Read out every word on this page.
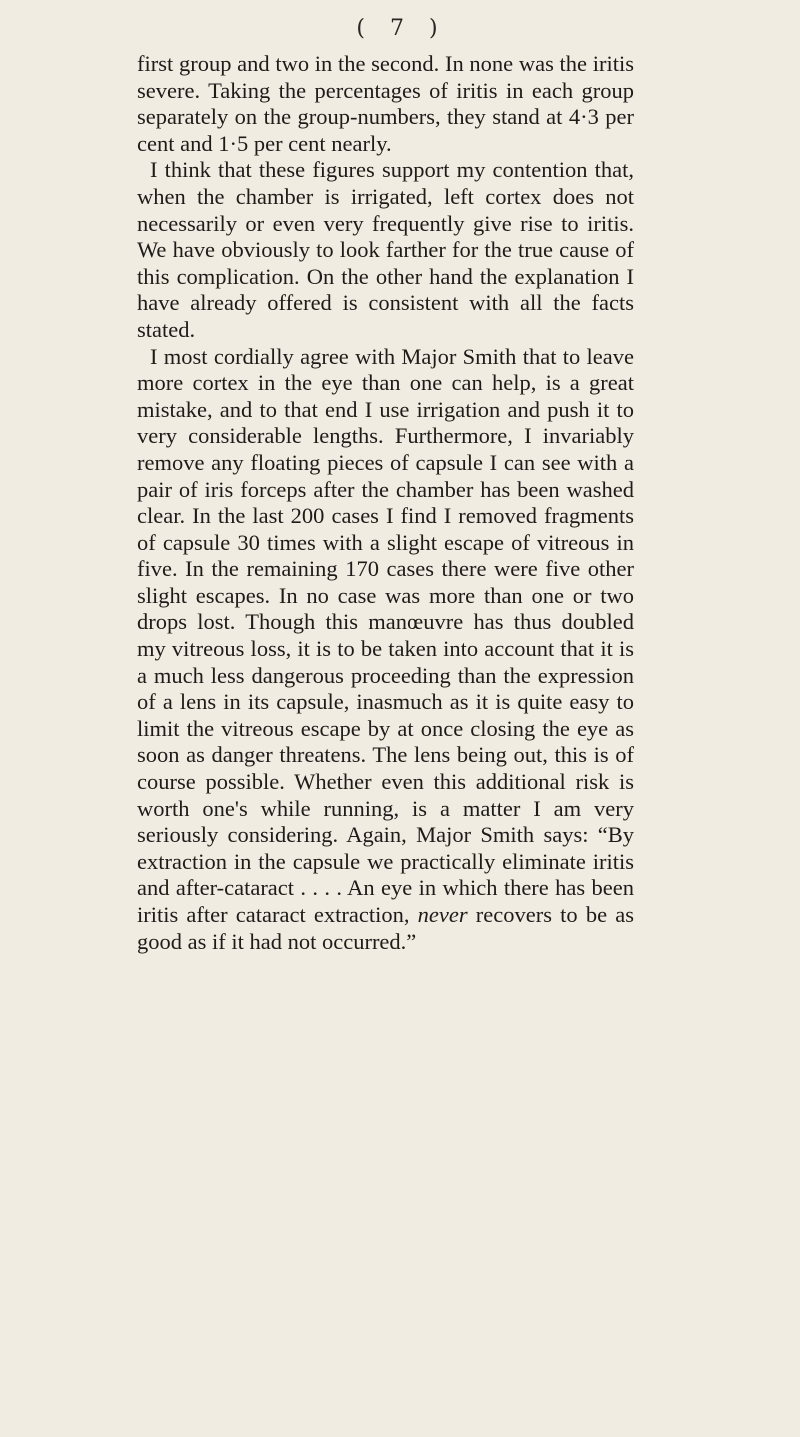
( 7 )

first group and two in the second. In none was the iritis severe. Taking the percentages of iritis in each group separately on the group-numbers, they stand at 4·3 per cent and 1·5 per cent nearly.

I think that these figures support my contention that, when the chamber is irrigated, left cortex does not necessarily or even very frequently give rise to iritis. We have obviously to look farther for the true cause of this complication. On the other hand the explanation I have already offered is consistent with all the facts stated.

I most cordially agree with Major Smith that to leave more cortex in the eye than one can help, is a great mistake, and to that end I use irrigation and push it to very considerable lengths. Furthermore, I invariably remove any floating pieces of capsule I can see with a pair of iris forceps after the chamber has been washed clear. In the last 200 cases I find I removed fragments of capsule 30 times with a slight escape of vitreous in five. In the remaining 170 cases there were five other slight escapes. In no case was more than one or two drops lost. Though this manœuvre has thus doubled my vitreous loss, it is to be taken into account that it is a much less dangerous proceeding than the expression of a lens in its capsule, inasmuch as it is quite easy to limit the vitreous escape by at once closing the eye as soon as danger threatens. The lens being out, this is of course possible. Whether even this additional risk is worth one's while running, is a matter I am very seriously considering. Again, Major Smith says: “By extraction in the capsule we practically eliminate iritis and after-cataract . . . . An eye in which there has been iritis after cataract extraction, never recovers to be as good as if it had not occurred.”
